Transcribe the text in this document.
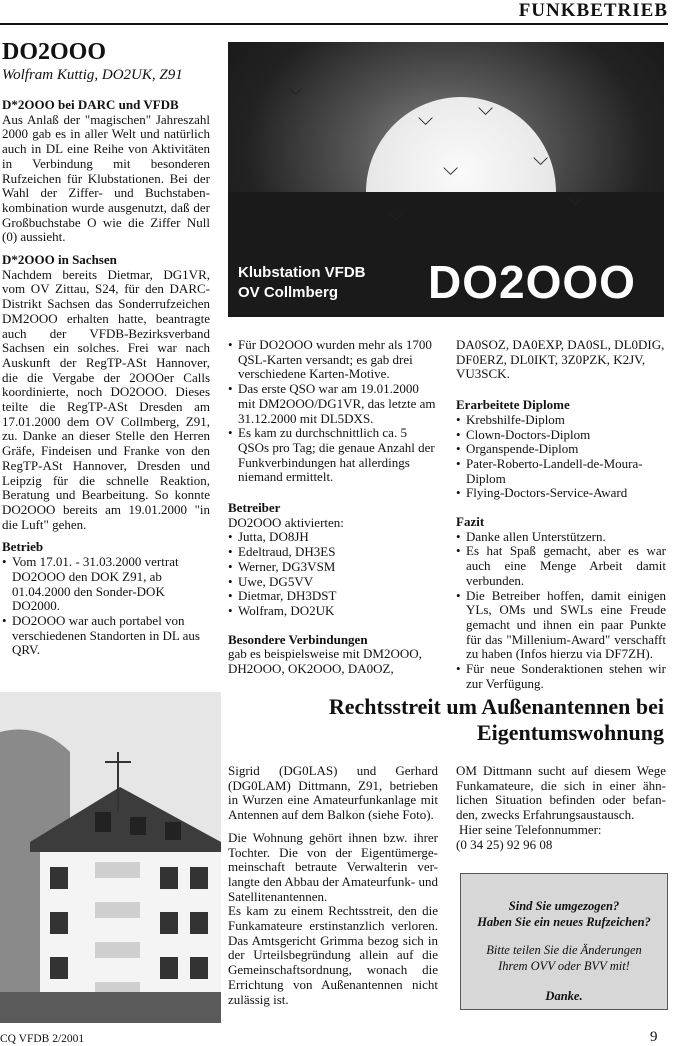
FUNKBETRIEB
DO2OOO
Wolfram Kuttig, DO2UK, Z91
D*2OOO bei DARC und VFDB

Aus Anlaß der "magischen" Jahreszahl 2000 gab es in aller Welt und natürlich auch in DL eine Reihe von Aktivitäten in Verbindung mit besonderen Rufzeichen für Klubstationen. Bei der Wahl der Ziffer- und Buchstaben-kombination wurde ausgenutzt, daß der Großbuchstabe O wie die Ziffer Null (0) aussieht.

D*2OOO in Sachsen

Nachdem bereits Dietmar, DG1VR, vom OV Zittau, S24, für den DARC-Distrikt Sachsen das Sonderrufzeichen DM2OOO erhalten hatte, beantragte auch der VFDB-Bezirksverband Sachsen ein solches. Frei war nach Auskunft der RegTP-ASt Hannover, die die Vergabe der 2OOOer Calls koordinierte, noch DO2OOO. Dieses teilte die RegTP-ASt Dresden am 17.01.2000 dem OV Collmberg, Z91, zu. Danke an dieser Stelle den Herren Gräfe, Findeisen und Franke von den RegTP-ASt Hannover, Dresden und Leipzig für die schnelle Reaktion, Beratung und Bearbeitung. So konnte DO2OOO bereits am 19.01.2000 "in die Luft" gehen.

Betrieb
• Vom 17.01. - 31.03.2000 vertrat DO2OOO den DOK Z91, ab 01.04.2000 den Sonder-DOK DO2000.
• DO2OOO war auch portabel von verschiedenen Standorten in DL aus QRV.
⌵
⌵ ⌵
⌵	⌵
⌵
⌵
⌵
Klubstation VFDB
OV Collmberg	DO2OOO
• Für DO2OOO wurden mehr als 1700 QSL-Karten versandt; es gab drei verschiedene Karten-Motive.
• Das erste QSO war am 19.01.2000 mit DM2OOO/DG1VR, das letzte am 31.12.2000 mit DL5DXS.
• Es kam zu durchschnittlich ca. 5 QSOs pro Tag; die genaue Anzahl der Funkverbindungen hat allerdings niemand ermittelt.
Betreiber
DO2OOO aktivierten:
• Jutta, DO8JH
• Edeltraud, DH3ES
• Werner, DG3VSM
• Uwe, DG5VV
• Dietmar, DH3DST
• Wolfram, DO2UK
Besondere Verbindungen
gab es beispielsweise mit DM2OOO, DH2OOO, OK2OOO, DA0OZ,
DA0SOZ, DA0EXP, DA0SL, DL0DIG, DF0ERZ, DL0IKT, 3Z0PZK, K2JV, VU3SCK.
Erarbeitete Diplome
• Krebshilfe-Diplom
• Clown-Doctors-Diplom
• Organspende-Diplom
• Pater-Roberto-Landell-de-Moura-Diplom
• Flying-Doctors-Service-Award
Fazit
• Danke allen Unterstützern.
• Es hat Spaß gemacht, aber es war auch eine Menge Arbeit damit verbunden.
• Die Betreiber hoffen, damit einigen YLs, OMs und SWLs eine Freude gemacht und ihnen ein paar Punkte für das "Millenium-Award" verschafft zu haben (Infos hierzu via DF7ZH).
• Für neue Sonderaktionen stehen wir zur Verfügung.
Rechtsstreit um Außenantennen bei
Eigentumswohnung

Sigrid (DG0LAS) und Gerhard (DG0LAM) Dittmann, Z91, betrieben in Wurzen eine Amateurfunkanlage mit Antennen auf dem Balkon (siehe Foto).

Die Wohnung gehört ihnen bzw. ihrer Tochter. Die von der Eigentümerge-meinschaft betraute Verwalterin ver-langte den Abbau der Amateurfunk- und Satellitenantennen.
Es kam zu einem Rechtsstreit, den die Funkamateure erstinstanzlich verloren. Das Amtsgericht Grimma bezog sich in der Urteilsbegründung allein auf die Gemeinschaftsordnung, wonach die Errichtung von Außenantennen nicht zulässig ist.
OM Dittmann sucht auf diesem Wege Funkamateure, die sich in einer ähn-lichen Situation befinden oder befan-den, zwecks Erfahrungsaustausch.
Hier seine Telefonnummer:
(0 34 25) 92 96 08
Sind Sie umgezogen?
Haben Sie ein neues Rufzeichen?
Bitte teilen Sie die Änderungen
Ihrem OVV oder BVV mit!
Danke.
CQ VFDB 2/2001	9
